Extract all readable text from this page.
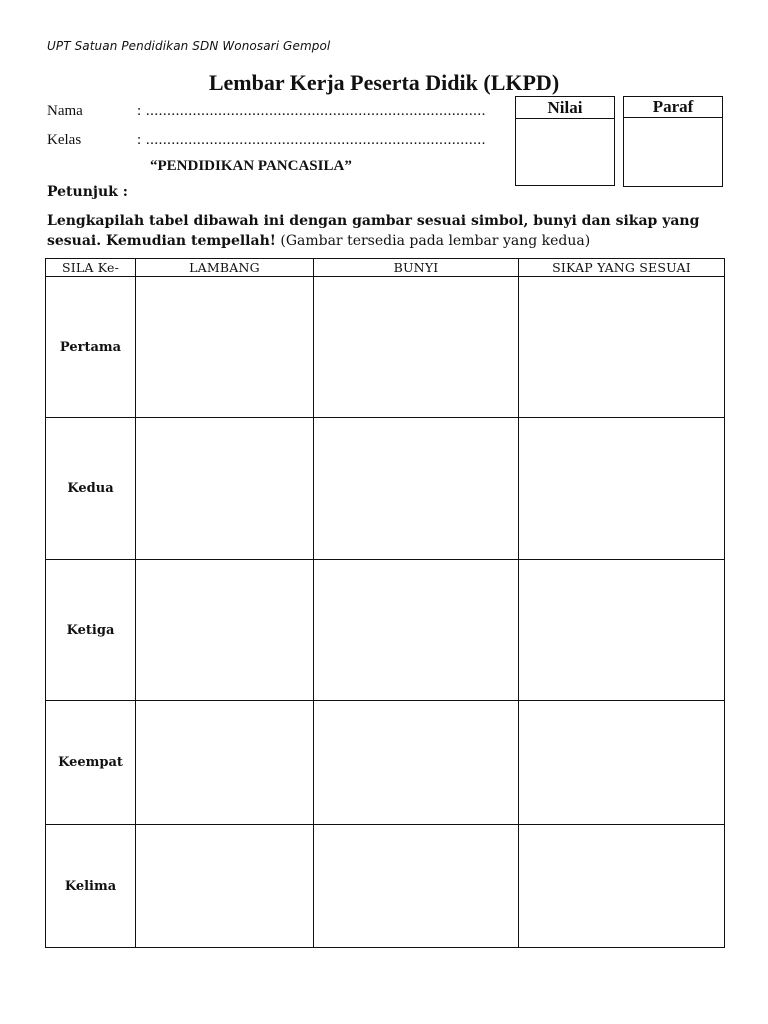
UPT Satuan Pendidikan SDN Wonosari Gempol
Lembar Kerja Peserta Didik (LKPD)
Nama	: ................................................................................
Kelas	: ................................................................................
“PENDIDIKAN PANCASILA”
Nilai	Paraf
Petunjuk :
Lengkapilah tabel dibawah ini dengan gambar sesuai simbol, bunyi dan sikap yang sesuai. Kemudian tempellah! (Gambar tersedia pada lembar yang kedua)
SILA Ke-	LAMBANG	BUNYI	SIKAP YANG SESUAI
Pertama			
Kedua			
Ketiga			
Keempat			
Kelima			
